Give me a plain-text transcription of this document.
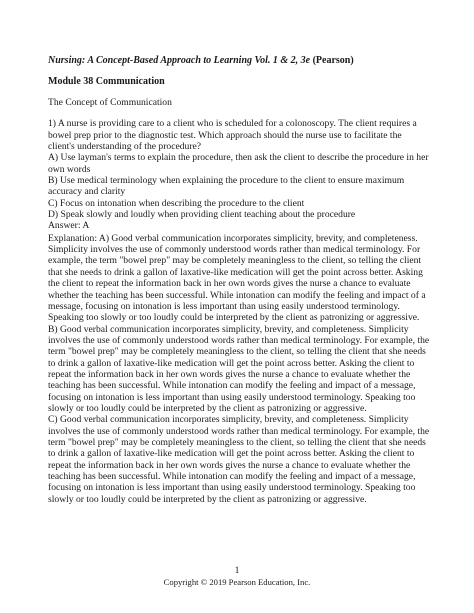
Nursing: A Concept-Based Approach to Learning Vol. 1 & 2, 3e (Pearson)
Module 38 Communication
The Concept of Communication
1) A nurse is providing care to a client who is scheduled for a colonoscopy. The client requires a bowel prep prior to the diagnostic test. Which approach should the nurse use to facilitate the client's understanding of the procedure?
A) Use layman's terms to explain the procedure, then ask the client to describe the procedure in her own words
B) Use medical terminology when explaining the procedure to the client to ensure maximum accuracy and clarity
C) Focus on intonation when describing the procedure to the client
D) Speak slowly and loudly when providing client teaching about the procedure
Answer: A
Explanation: A) Good verbal communication incorporates simplicity, brevity, and completeness. Simplicity involves the use of commonly understood words rather than medical terminology. For example, the term "bowel prep" may be completely meaningless to the client, so telling the client that she needs to drink a gallon of laxative-like medication will get the point across better. Asking the client to repeat the information back in her own words gives the nurse a chance to evaluate whether the teaching has been successful. While intonation can modify the feeling and impact of a message, focusing on intonation is less important than using easily understood terminology. Speaking too slowly or too loudly could be interpreted by the client as patronizing or aggressive.
B) Good verbal communication incorporates simplicity, brevity, and completeness. Simplicity involves the use of commonly understood words rather than medical terminology. For example, the term "bowel prep" may be completely meaningless to the client, so telling the client that she needs to drink a gallon of laxative-like medication will get the point across better. Asking the client to repeat the information back in her own words gives the nurse a chance to evaluate whether the teaching has been successful. While intonation can modify the feeling and impact of a message, focusing on intonation is less important than using easily understood terminology. Speaking too slowly or too loudly could be interpreted by the client as patronizing or aggressive.
C) Good verbal communication incorporates simplicity, brevity, and completeness. Simplicity involves the use of commonly understood words rather than medical terminology. For example, the term "bowel prep" may be completely meaningless to the client, so telling the client that she needs to drink a gallon of laxative-like medication will get the point across better. Asking the client to repeat the information back in her own words gives the nurse a chance to evaluate whether the teaching has been successful. While intonation can modify the feeling and impact of a message, focusing on intonation is less important than using easily understood terminology. Speaking too slowly or too loudly could be interpreted by the client as patronizing or aggressive.
1
Copyright © 2019 Pearson Education, Inc.
